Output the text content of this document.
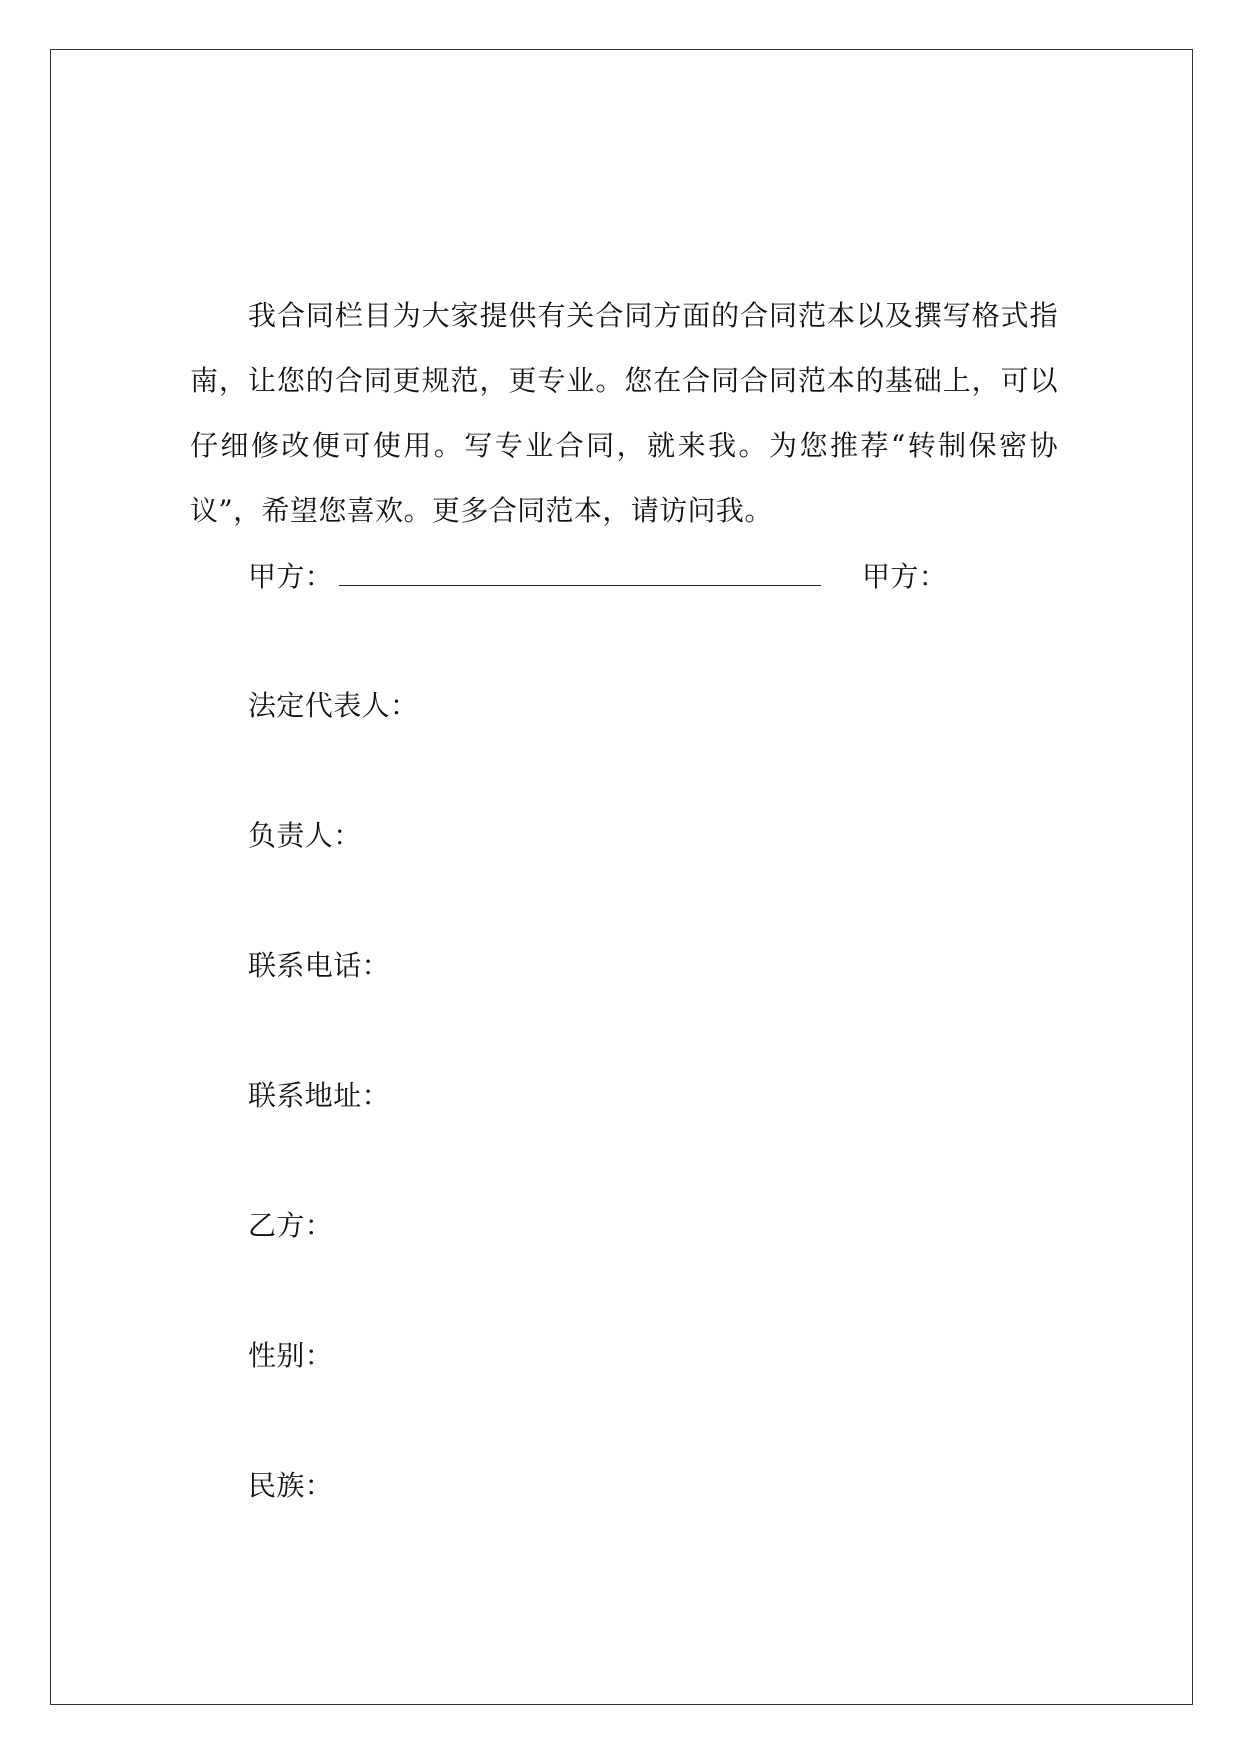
我合同栏目为大家提供有关合同方面的合同范本以及撰写格式指南，让您的合同更规范，更专业。您在合同合同范本的基础上，可以仔细修改便可使用。写专业合同，就来我。为您推荐“转制保密协议”，希望您喜欢。更多合同范本，请访问我。

甲方：	甲方：
法定代表人：
负责人：
联系电话：
联系地址：
乙方：
性别：
民族：
